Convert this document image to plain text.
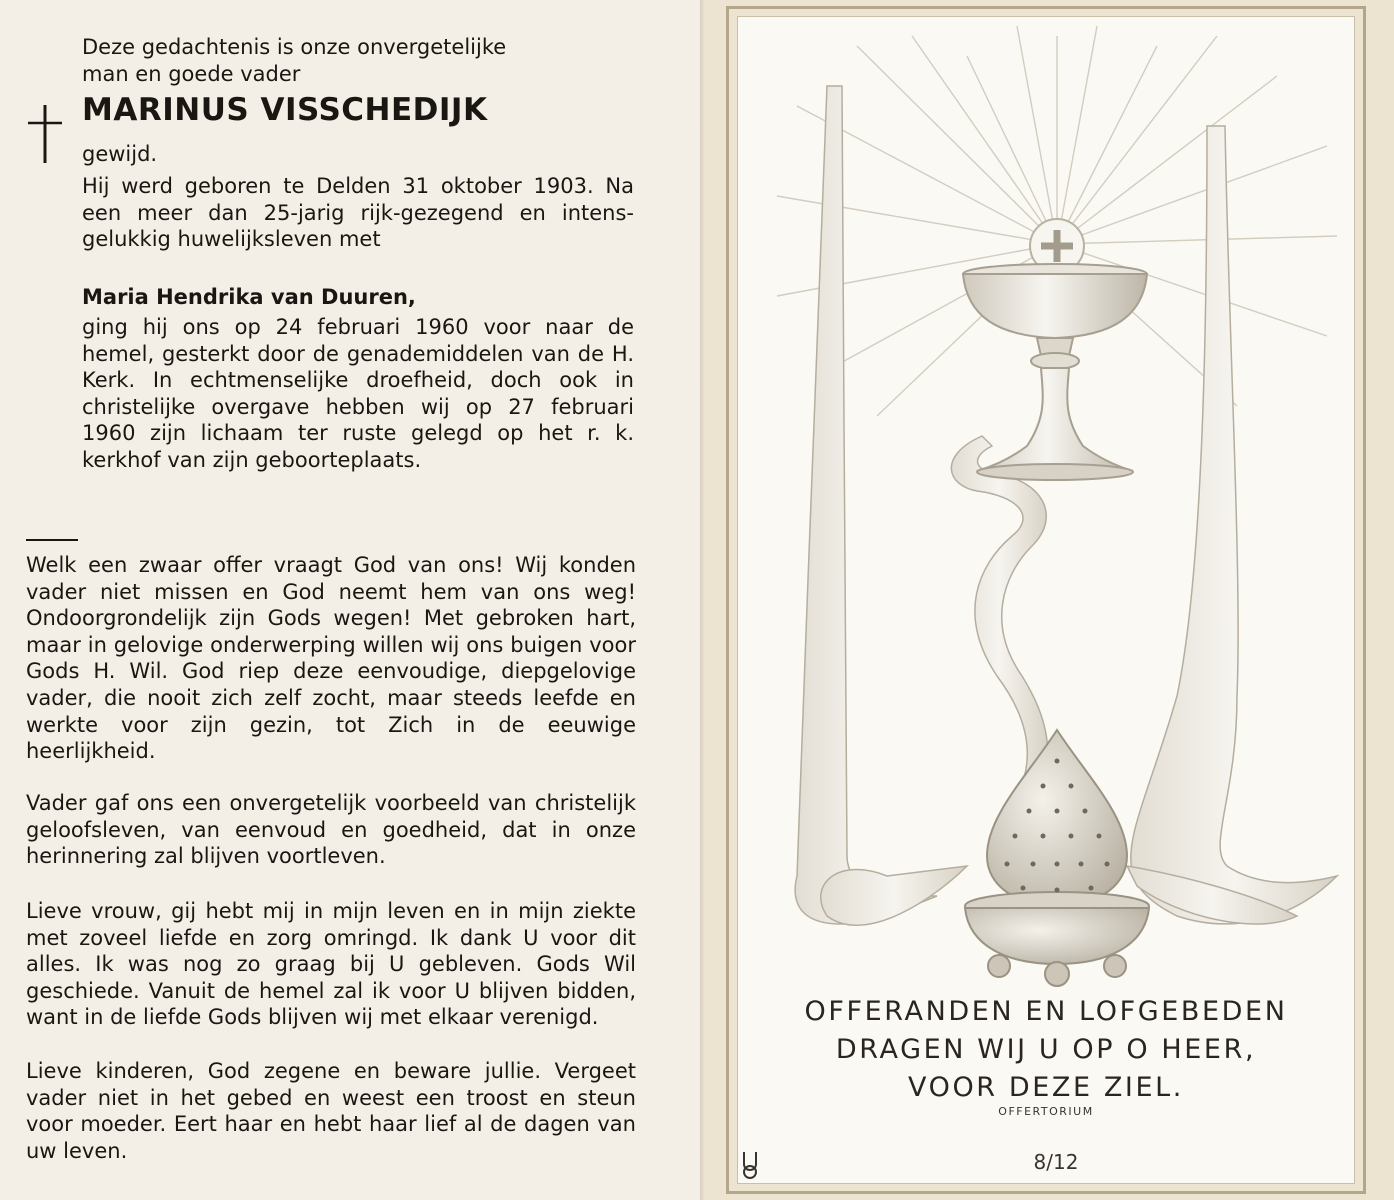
Deze gedachtenis is onze onvergetelijke
man en goede vader

MARINUS VISSCHEDIJK

gewijd.

Hij werd geboren te Delden 31 oktober 1903. Na een meer dan 25-jarig rijk-gezegend en intens-gelukkig huwelijksleven met

Maria Hendrika van Duuren,

ging hij ons op 24 februari 1960 voor naar de hemel, gesterkt door de genademiddelen van de H. Kerk. In echtmenselijke droefheid, doch ook in christelijke overgave hebben wij op 27 februari 1960 zijn lichaam ter ruste gelegd op het r. k. kerkhof van zijn geboorteplaats.

Welk een zwaar offer vraagt God van ons! Wij konden vader niet missen en God neemt hem van ons weg! Ondoorgrondelijk zijn Gods wegen! Met gebroken hart, maar in gelovige onderwerping willen wij ons buigen voor Gods H. Wil. God riep deze eenvoudige, diepgelovige vader, die nooit zich zelf zocht, maar steeds leefde en werkte voor zijn gezin, tot Zich in de eeuwige heerlijkheid.

Vader gaf ons een onvergetelijk voorbeeld van christelijk geloofsleven, van eenvoud en goedheid, dat in onze herinnering zal blijven voortleven.

Lieve vrouw, gij hebt mij in mijn leven en in mijn ziekte met zoveel liefde en zorg omringd. Ik dank U voor dit alles. Ik was nog zo graag bij U gebleven. Gods Wil geschiede. Vanuit de hemel zal ik voor U blijven bidden, want in de liefde Gods blijven wij met elkaar verenigd.

Lieve kinderen, God zegene en beware jullie. Vergeet vader niet in het gebed en weest een troost en steun voor moeder. Eert haar en hebt haar lief al de dagen van uw leven.

OFFERANDEN EN LOFGEBEDEN

DRAGEN WIJ U OP O HEER,

VOOR DEZE ZIEL.

OFFERTORIUM

8/12
